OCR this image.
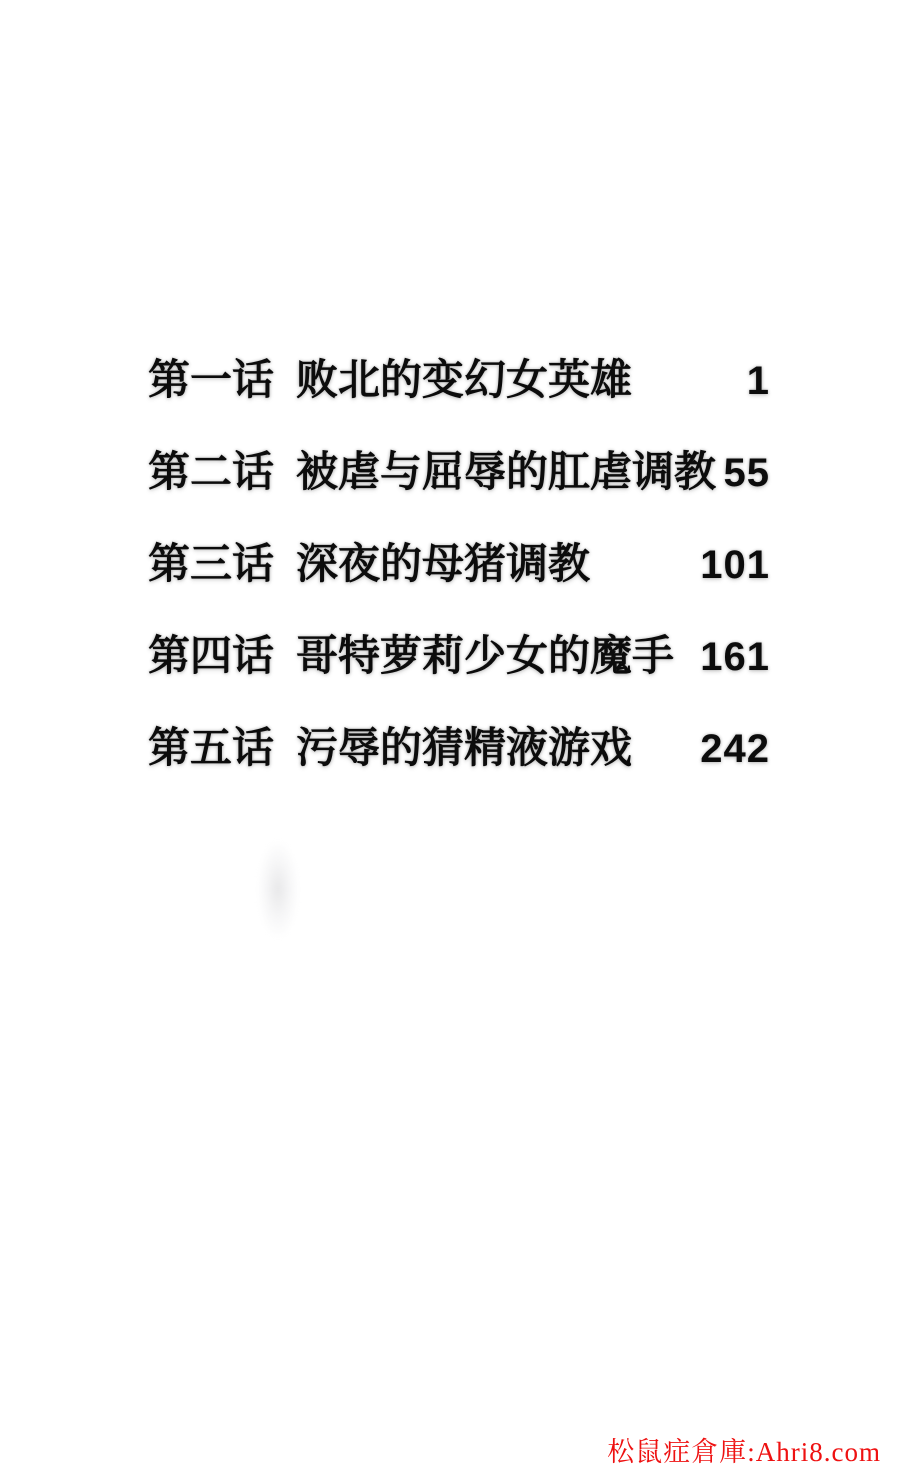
第一话 败北的变幻女英雄	1
第二话 被虐与屈辱的肛虐调教 55
第三话 深夜的母猪调教	101
第四话 哥特萝莉少女的魔手 161
第五话 污辱的猜精液游戏 242
松鼠症倉庫:Ahri8.com
